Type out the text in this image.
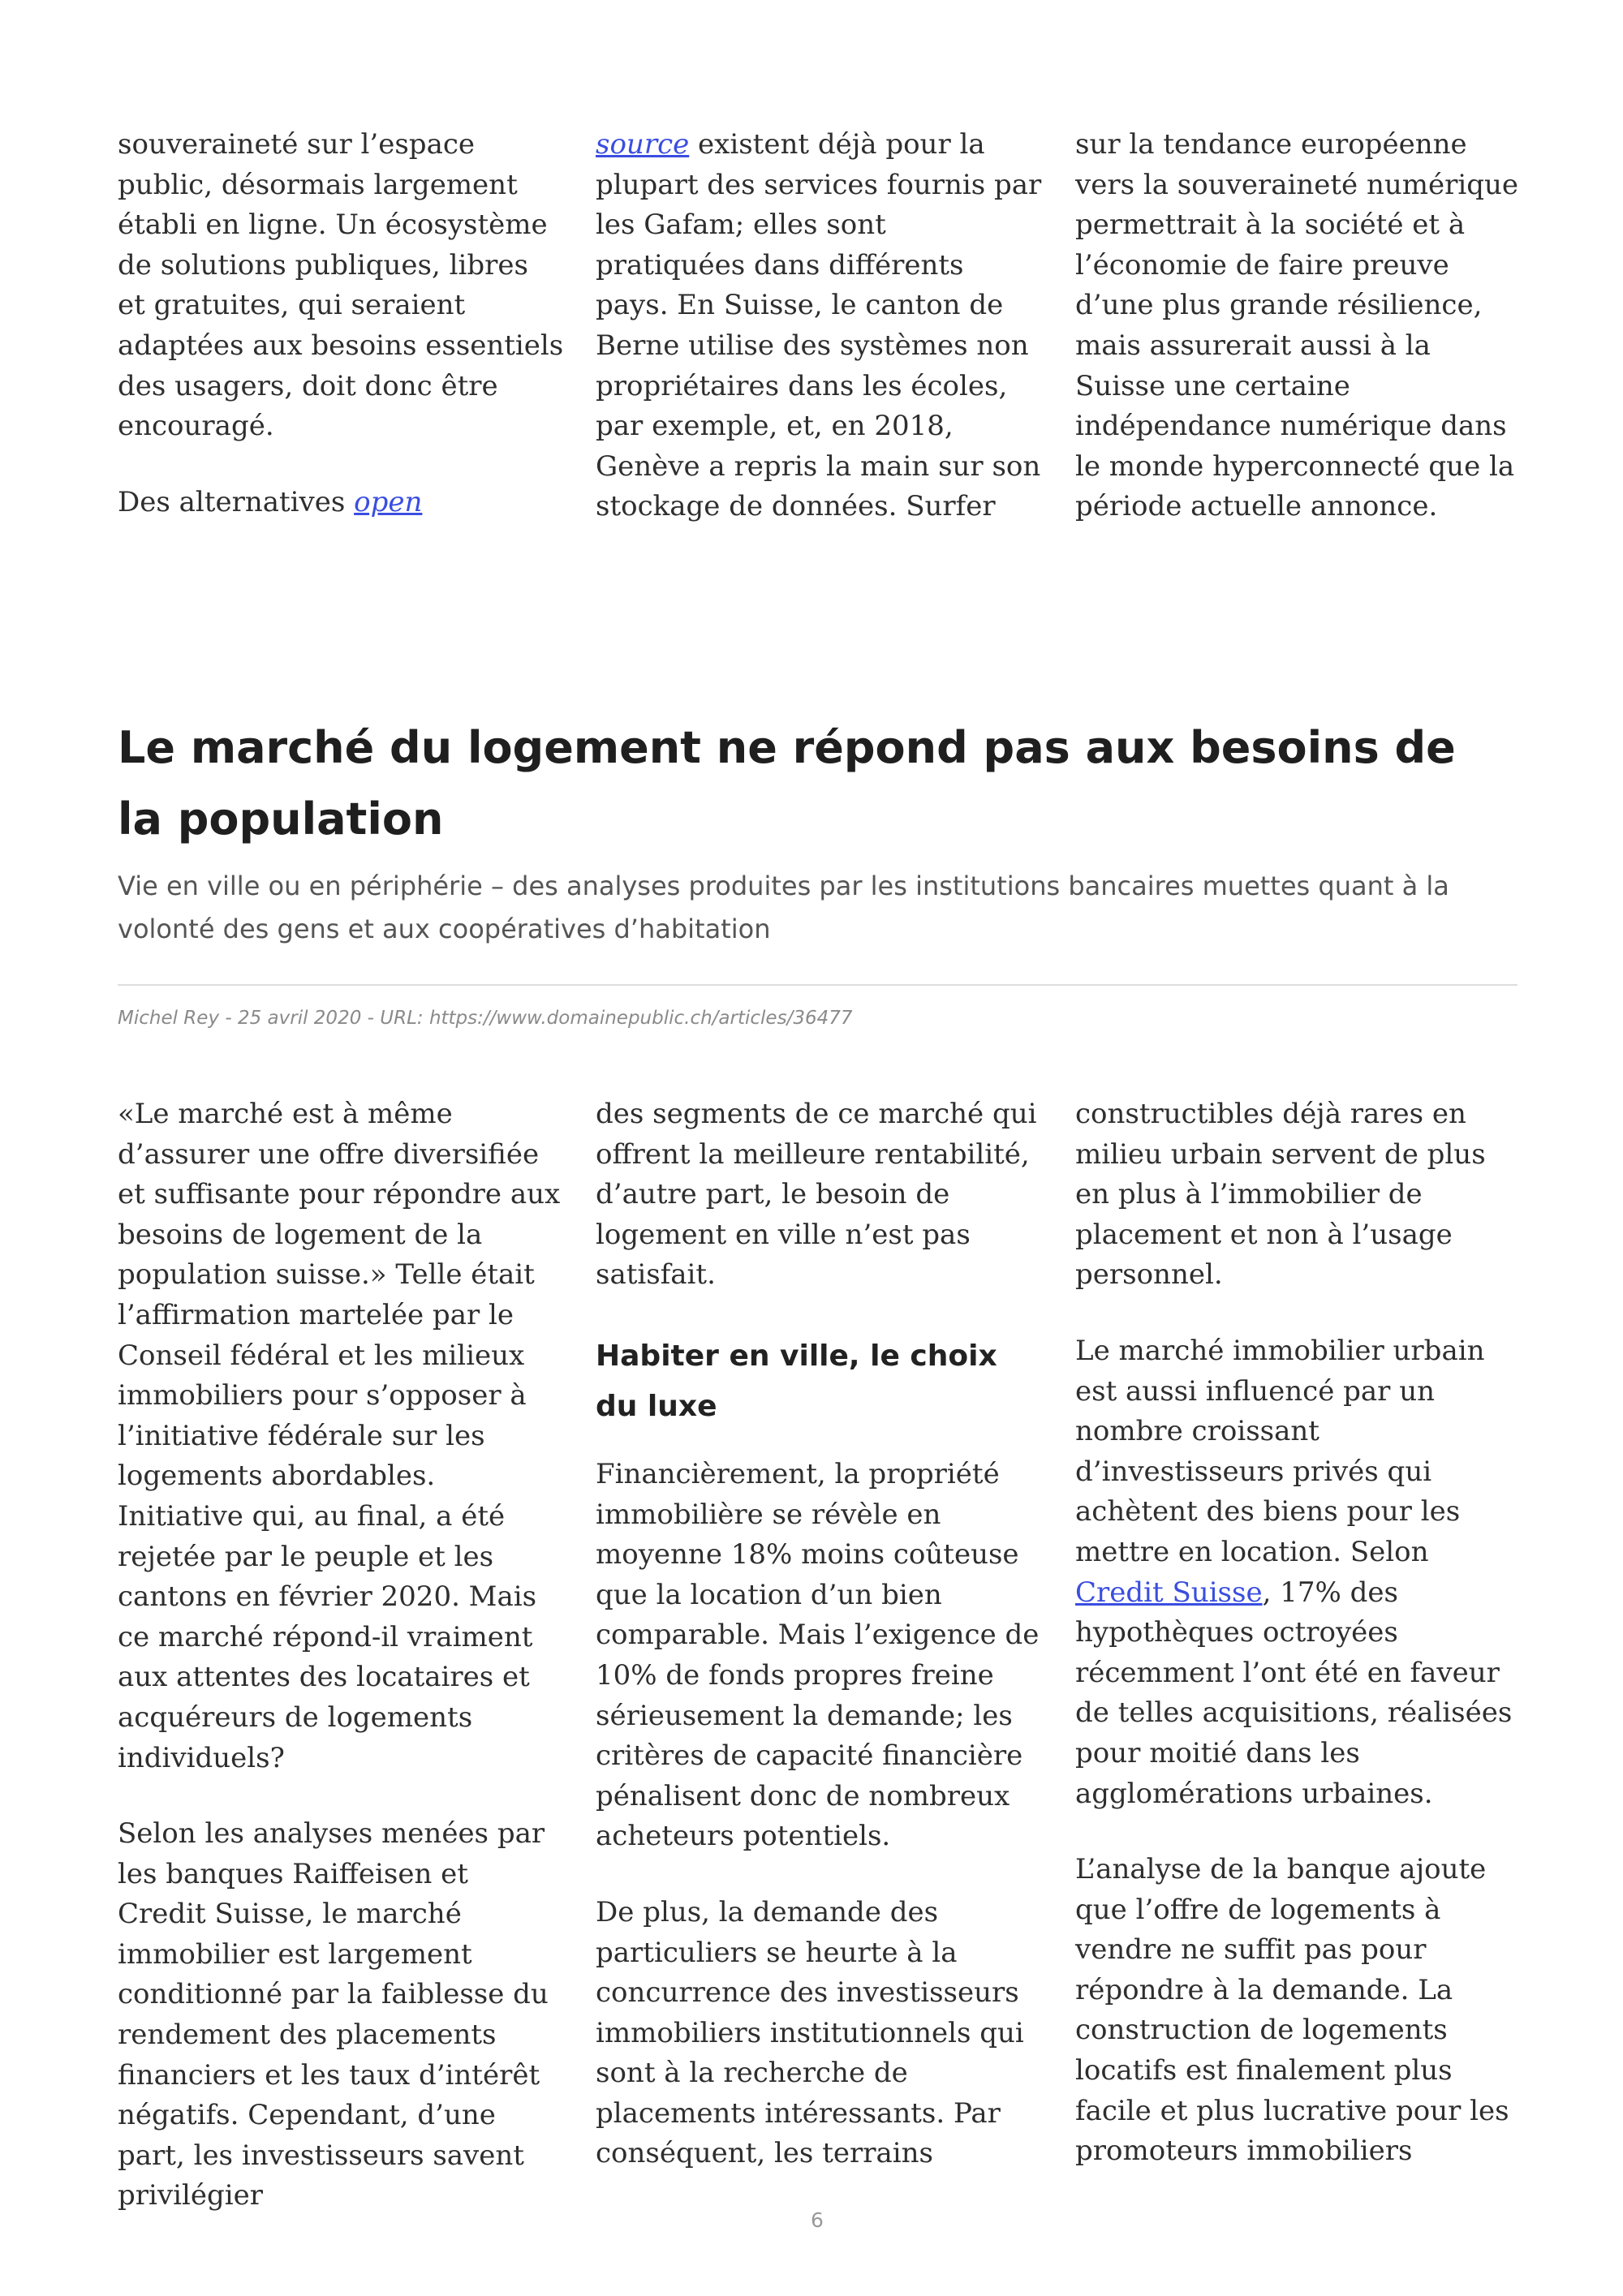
souveraineté sur l’espace public, désormais largement établi en ligne. Un écosystème de solutions publiques, libres et gratuites, qui seraient adaptées aux besoins essentiels des usagers, doit donc être encouragé.

Des alternatives open

source existent déjà pour la plupart des services fournis par les Gafam; elles sont pratiquées dans différents pays. En Suisse, le canton de Berne utilise des systèmes non propriétaires dans les écoles, par exemple, et, en 2018, Genève a repris la main sur son stockage de données. Surfer

sur la tendance européenne vers la souveraineté numérique permettrait à la société et à l’économie de faire preuve d’une plus grande résilience, mais assurerait aussi à la Suisse une certaine indépendance numérique dans le monde hyperconnecté que la période actuelle annonce.

Le marché du logement ne répond pas aux besoins de la population

Vie en ville ou en périphérie – des analyses produites par les institutions bancaires muettes quant à la volonté des gens et aux coopératives d’habitation

Michel Rey - 25 avril 2020 - URL: https://www.domainepublic.ch/articles/36477

«Le marché est à même d’assurer une offre diversifiée et suffisante pour répondre aux besoins de logement de la population suisse.» Telle était l’affirmation martelée par le Conseil fédéral et les milieux immobiliers pour s’opposer à l’initiative fédérale sur les logements abordables. Initiative qui, au final, a été rejetée par le peuple et les cantons en février 2020. Mais ce marché répond-il vraiment aux attentes des locataires et acquéreurs de logements individuels?

Selon les analyses menées par les banques Raiffeisen et Credit Suisse, le marché immobilier est largement conditionné par la faiblesse du rendement des placements financiers et les taux d’intérêt négatifs. Cependant, d’une part, les investisseurs savent privilégier

des segments de ce marché qui offrent la meilleure rentabilité, d’autre part, le besoin de logement en ville n’est pas satisfait.

Habiter en ville, le choix du luxe

Financièrement, la propriété immobilière se révèle en moyenne 18% moins coûteuse que la location d’un bien comparable. Mais l’exigence de 10% de fonds propres freine sérieusement la demande; les critères de capacité financière pénalisent donc de nombreux acheteurs potentiels.

De plus, la demande des particuliers se heurte à la concurrence des investisseurs immobiliers institutionnels qui sont à la recherche de placements intéressants. Par conséquent, les terrains

constructibles déjà rares en milieu urbain servent de plus en plus à l’immobilier de placement et non à l’usage personnel.

Le marché immobilier urbain est aussi influencé par un nombre croissant d’investisseurs privés qui achètent des biens pour les mettre en location. Selon Credit Suisse, 17% des hypothèques octroyées récemment l’ont été en faveur de telles acquisitions, réalisées pour moitié dans les agglomérations urbaines.

L’analyse de la banque ajoute que l’offre de logements à vendre ne suffit pas pour répondre à la demande. La construction de logements locatifs est finalement plus facile et plus lucrative pour les promoteurs immobiliers

6
